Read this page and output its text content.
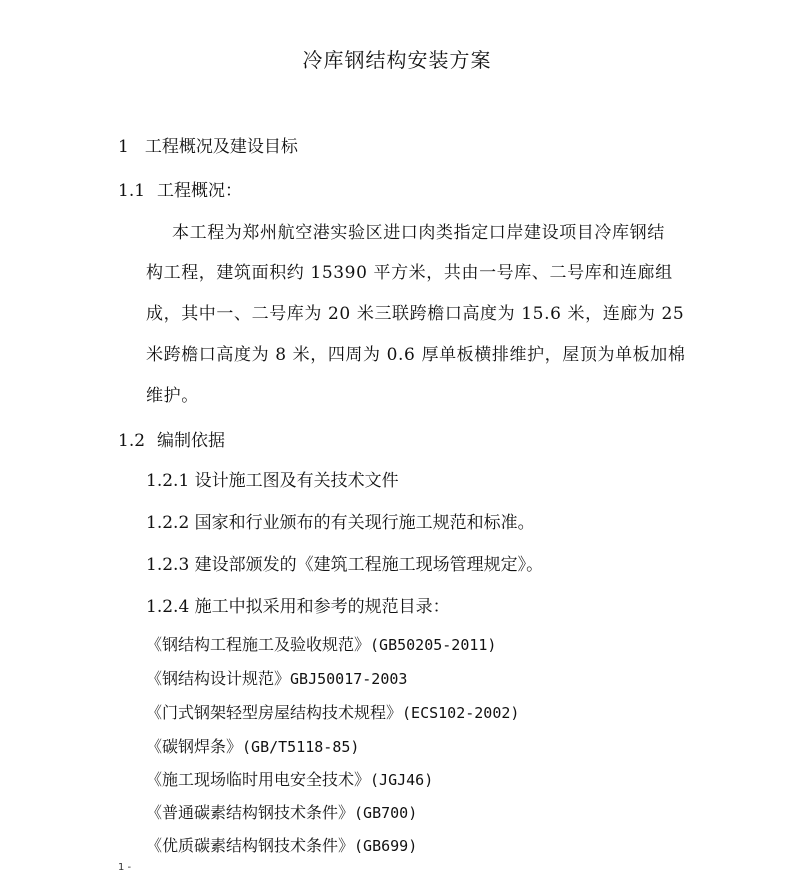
冷库钢结构安装方案
1 工程概况及建设目标
1.1 工程概况：
本工程为郑州航空港实验区进口肉类指定口岸建设项目冷库钢结
构工程，建筑面积约 15390 平方米，共由一号库、二号库和连廊组
成，其中一、二号库为 20 米三联跨檐口高度为 15.6 米，连廊为 25
米跨檐口高度为 8 米，四周为 0.6 厚单板横排维护，屋顶为单板加棉
维护。
1.2 编制依据
1.2.1 设计施工图及有关技术文件
1.2.2 国家和行业颁布的有关现行施工规范和标准。
1.2.3 建设部颁发的《建筑工程施工现场管理规定》。
1.2.4 施工中拟采用和参考的规范目录：
《钢结构工程施工及验收规范》(GB50205-2011)
《钢结构设计规范》GBJ50017-2003
《门式钢架轻型房屋结构技术规程》(ECS102-2002)
《碳钢焊条》(GB/T5118-85)
《施工现场临时用电安全技术》(JGJ46)
《普通碳素结构钢技术条件》(GB700)
《优质碳素结构钢技术条件》(GB699)
1 -
